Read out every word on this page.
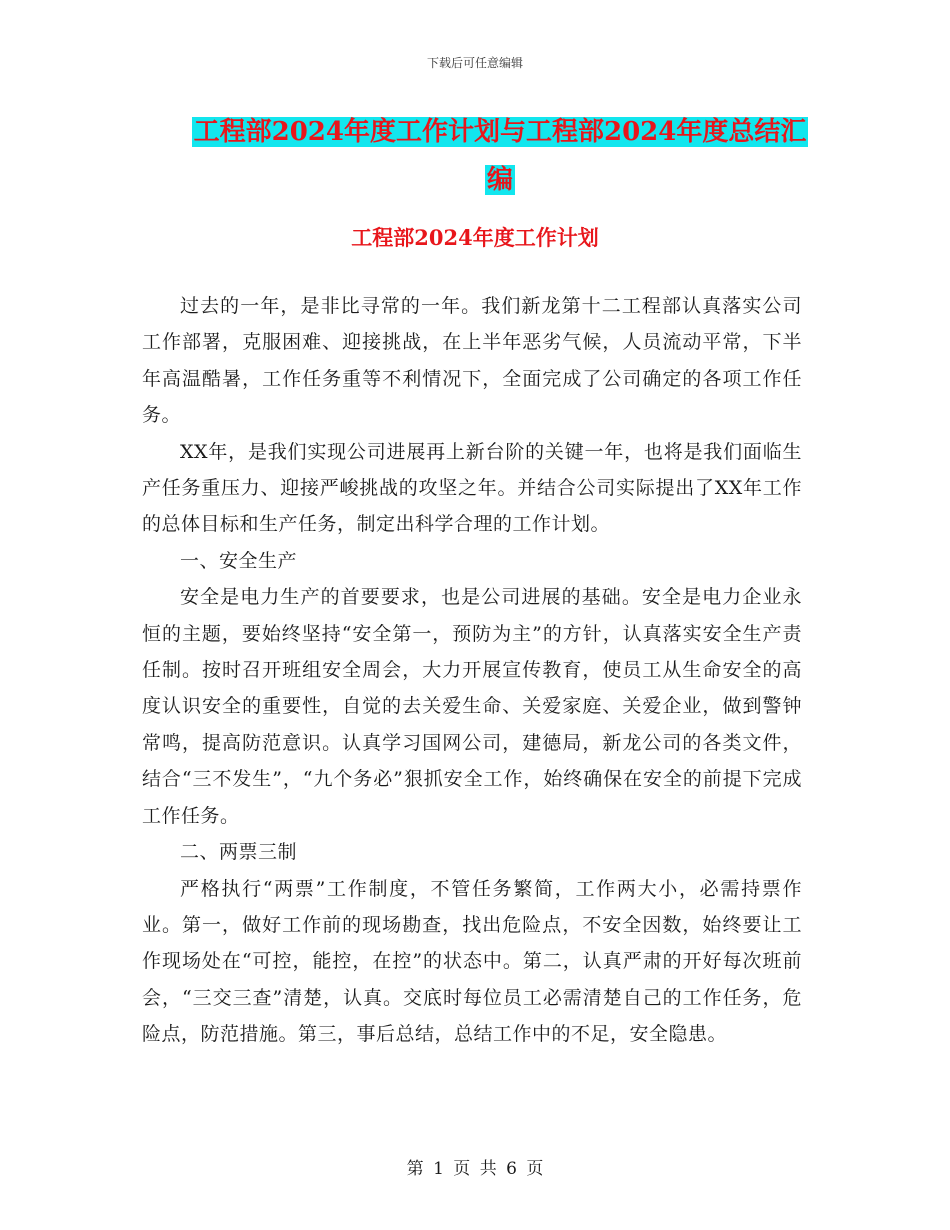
下载后可任意编辑
工程部2024年度工作计划与工程部2024年度总结汇
编
工程部2024年度工作计划

过去的一年，是非比寻常的一年。我们新龙第十二工程部认真落实公司工作部署，克服困难、迎接挑战，在上半年恶劣气候，人员流动平常，下半年高温酷暑，工作任务重等不利情况下，全面完成了公司确定的各项工作任务。

XX年，是我们实现公司进展再上新台阶的关键一年，也将是我们面临生产任务重压力、迎接严峻挑战的攻坚之年。并结合公司实际提出了XX年工作的总体目标和生产任务，制定出科学合理的工作计划。

一、安全生产

安全是电力生产的首要要求，也是公司进展的基础。安全是电力企业永恒的主题，要始终坚持“安全第一，预防为主”的方针，认真落实安全生产责任制。按时召开班组安全周会，大力开展宣传教育，使员工从生命安全的高度认识安全的重要性，自觉的去关爱生命、关爱家庭、关爱企业，做到警钟常鸣，提高防范意识。认真学习国网公司，建德局，新龙公司的各类文件，结合“三不发生”，“九个务必”狠抓安全工作，始终确保在安全的前提下完成工作任务。

二、两票三制

严格执行“两票”工作制度，不管任务繁简，工作两大小，必需持票作业。第一，做好工作前的现场勘查，找出危险点，不安全因数，始终要让工作现场处在“可控，能控，在控”的状态中。第二，认真严肃的开好每次班前会，“三交三查”清楚，认真。交底时每位员工必需清楚自己的工作任务，危险点，防范措施。第三，事后总结，总结工作中的不足，安全隐患。

第 1 页 共 6 页
